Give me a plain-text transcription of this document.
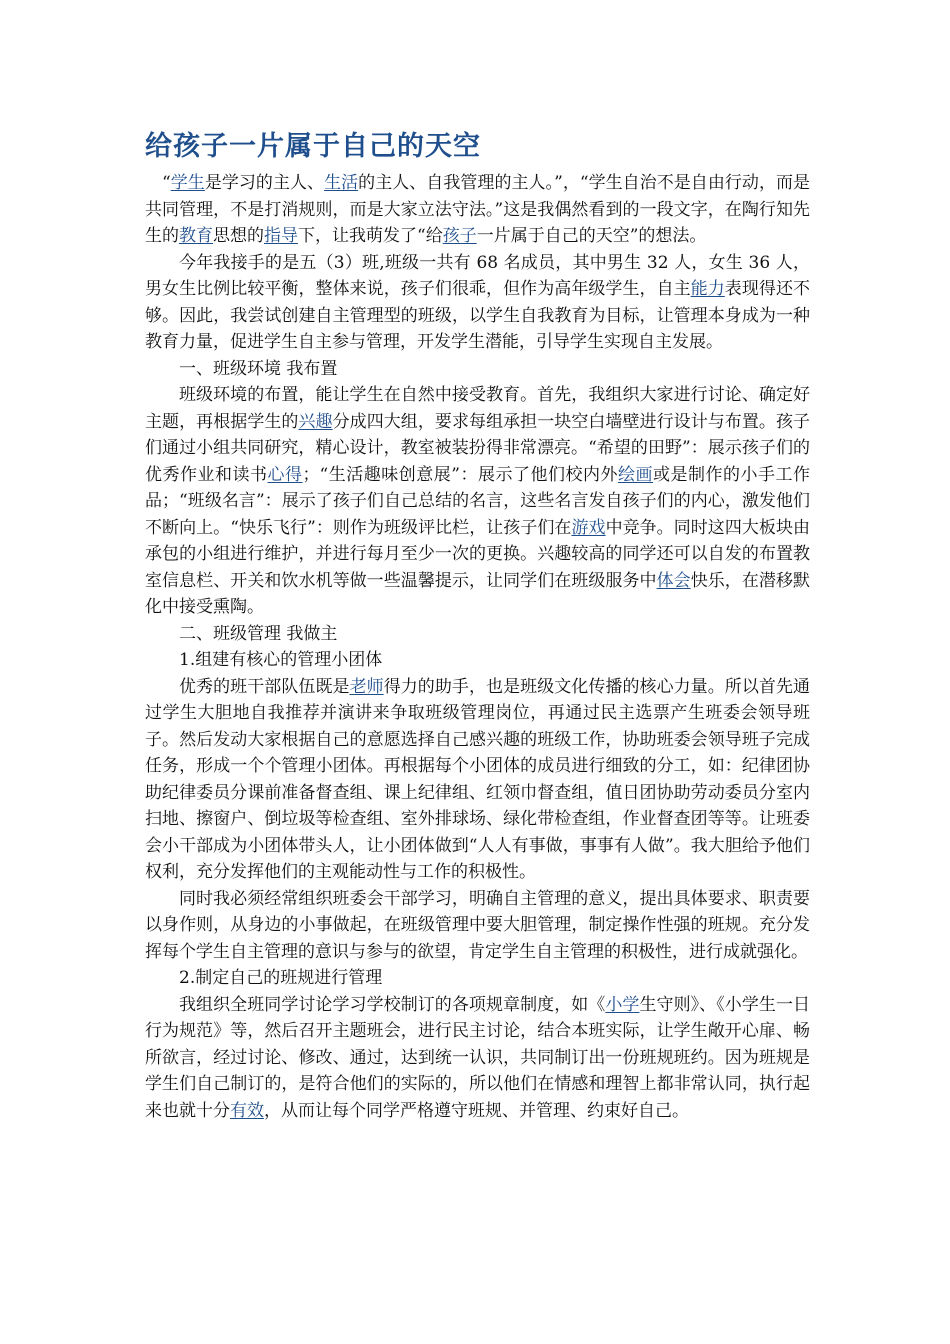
给孩子一片属于自己的天空

“学生是学习的主人、生活的主人、自我管理的主人。”，“学生自治不是自由行动，而是共同管理，不是打消规则，而是大家立法守法。”这是我偶然看到的一段文字，在陶行知先生的教育思想的指导下，让我萌发了“给孩子一片属于自己的天空”的想法。

今年我接手的是五（3）班,班级一共有 68 名成员，其中男生 32 人，女生 36 人，男女生比例比较平衡，整体来说，孩子们很乖，但作为高年级学生，自主能力表现得还不够。因此，我尝试创建自主管理型的班级，以学生自我教育为目标，让管理本身成为一种教育力量，促进学生自主参与管理，开发学生潜能，引导学生实现自主发展。

一、班级环境 我布置

班级环境的布置，能让学生在自然中接受教育。首先，我组织大家进行讨论、确定好主题，再根据学生的兴趣分成四大组，要求每组承担一块空白墙壁进行设计与布置。孩子们通过小组共同研究，精心设计，教室被装扮得非常漂亮。“希望的田野”：展示孩子们的优秀作业和读书心得；“生活趣味创意展”：展示了他们校内外绘画或是制作的小手工作品；“班级名言”：展示了孩子们自己总结的名言，这些名言发自孩子们的内心，激发他们不断向上。“快乐飞行”：则作为班级评比栏，让孩子们在游戏中竞争。同时这四大板块由承包的小组进行维护，并进行每月至少一次的更换。兴趣较高的同学还可以自发的布置教室信息栏、开关和饮水机等做一些温馨提示，让同学们在班级服务中体会快乐，在潜移默化中接受熏陶。

二、班级管理 我做主

1.组建有核心的管理小团体

优秀的班干部队伍既是老师得力的助手，也是班级文化传播的核心力量。所以首先通过学生大胆地自我推荐并演讲来争取班级管理岗位，再通过民主选票产生班委会领导班子。然后发动大家根据自己的意愿选择自己感兴趣的班级工作，协助班委会领导班子完成任务，形成一个个管理小团体。再根据每个小团体的成员进行细致的分工，如：纪律团协助纪律委员分课前准备督查组、课上纪律组、红领巾督查组，值日团协助劳动委员分室内扫地、擦窗户、倒垃圾等检查组、室外排球场、绿化带检查组，作业督查团等等。让班委会小干部成为小团体带头人，让小团体做到“人人有事做，事事有人做”。我大胆给予他们权利，充分发挥他们的主观能动性与工作的积极性。

同时我必须经常组织班委会干部学习，明确自主管理的意义，提出具体要求、职责要以身作则，从身边的小事做起，在班级管理中要大胆管理，制定操作性强的班规。充分发挥每个学生自主管理的意识与参与的欲望，肯定学生自主管理的积极性，进行成就强化。

2.制定自己的班规进行管理

我组织全班同学讨论学习学校制订的各项规章制度，如《小学生守则》、《小学生一日行为规范》等，然后召开主题班会，进行民主讨论，结合本班实际，让学生敞开心扉、畅所欲言，经过讨论、修改、通过，达到统一认识，共同制订出一份班规班约。因为班规是学生们自己制订的，是符合他们的实际的，所以他们在情感和理智上都非常认同，执行起来也就十分有效，从而让每个同学严格遵守班规、并管理、约束好自己。
